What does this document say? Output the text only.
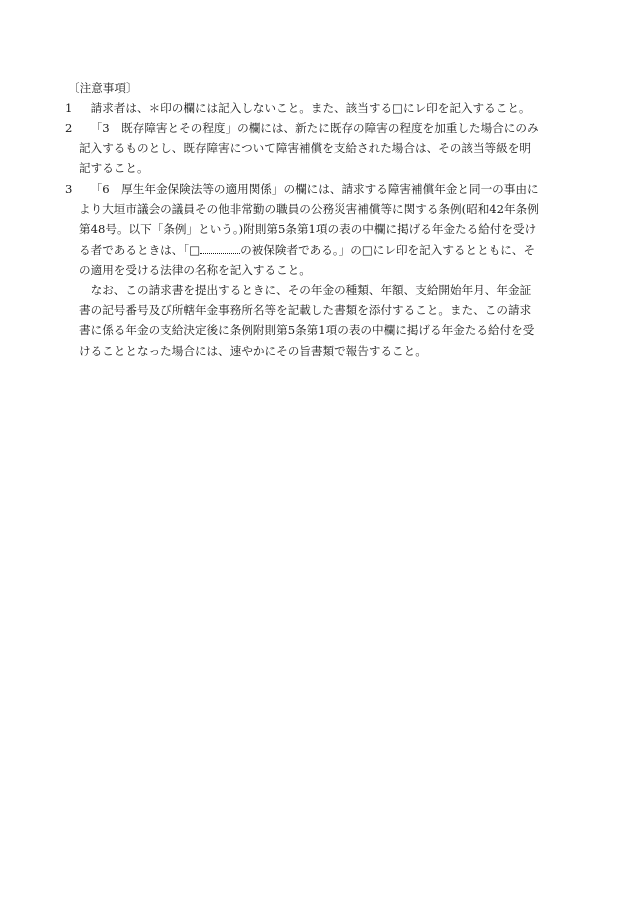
〔注意事項〕
1	請求者は、＊印の欄には記入しないこと。また、該当する□にレ印を記入すること。

2	「3　既存障害とその程度」の欄には、新たに既存の障害の程度を加重した場合にのみ記入するものとし、既存障害について障害補償を支給された場合は、その該当等級を明記すること。

3	「6　厚生年金保険法等の適用関係」の欄には、請求する障害補償年金と同一の事由により大垣市議会の議員その他非常勤の職員の公務災害補償等に関する条例(昭和42年条例第48号。以下「条例」という。)附則第5条第1項の表の中欄に掲げる年金たる給付を受ける者であるときは、「□	の被保険者である。」の□にレ印を記入するとともに、その適用を受ける法律の名称を記入すること。

なお、この請求書を提出するときに、その年金の種類、年額、支給開始年月、年金証書の記号番号及び所轄年金事務所名等を記載した書類を添付すること。また、この請求書に係る年金の支給決定後に条例附則第5条第1項の表の中欄に掲げる年金たる給付を受けることとなった場合には、速やかにその旨書類で報告すること。
